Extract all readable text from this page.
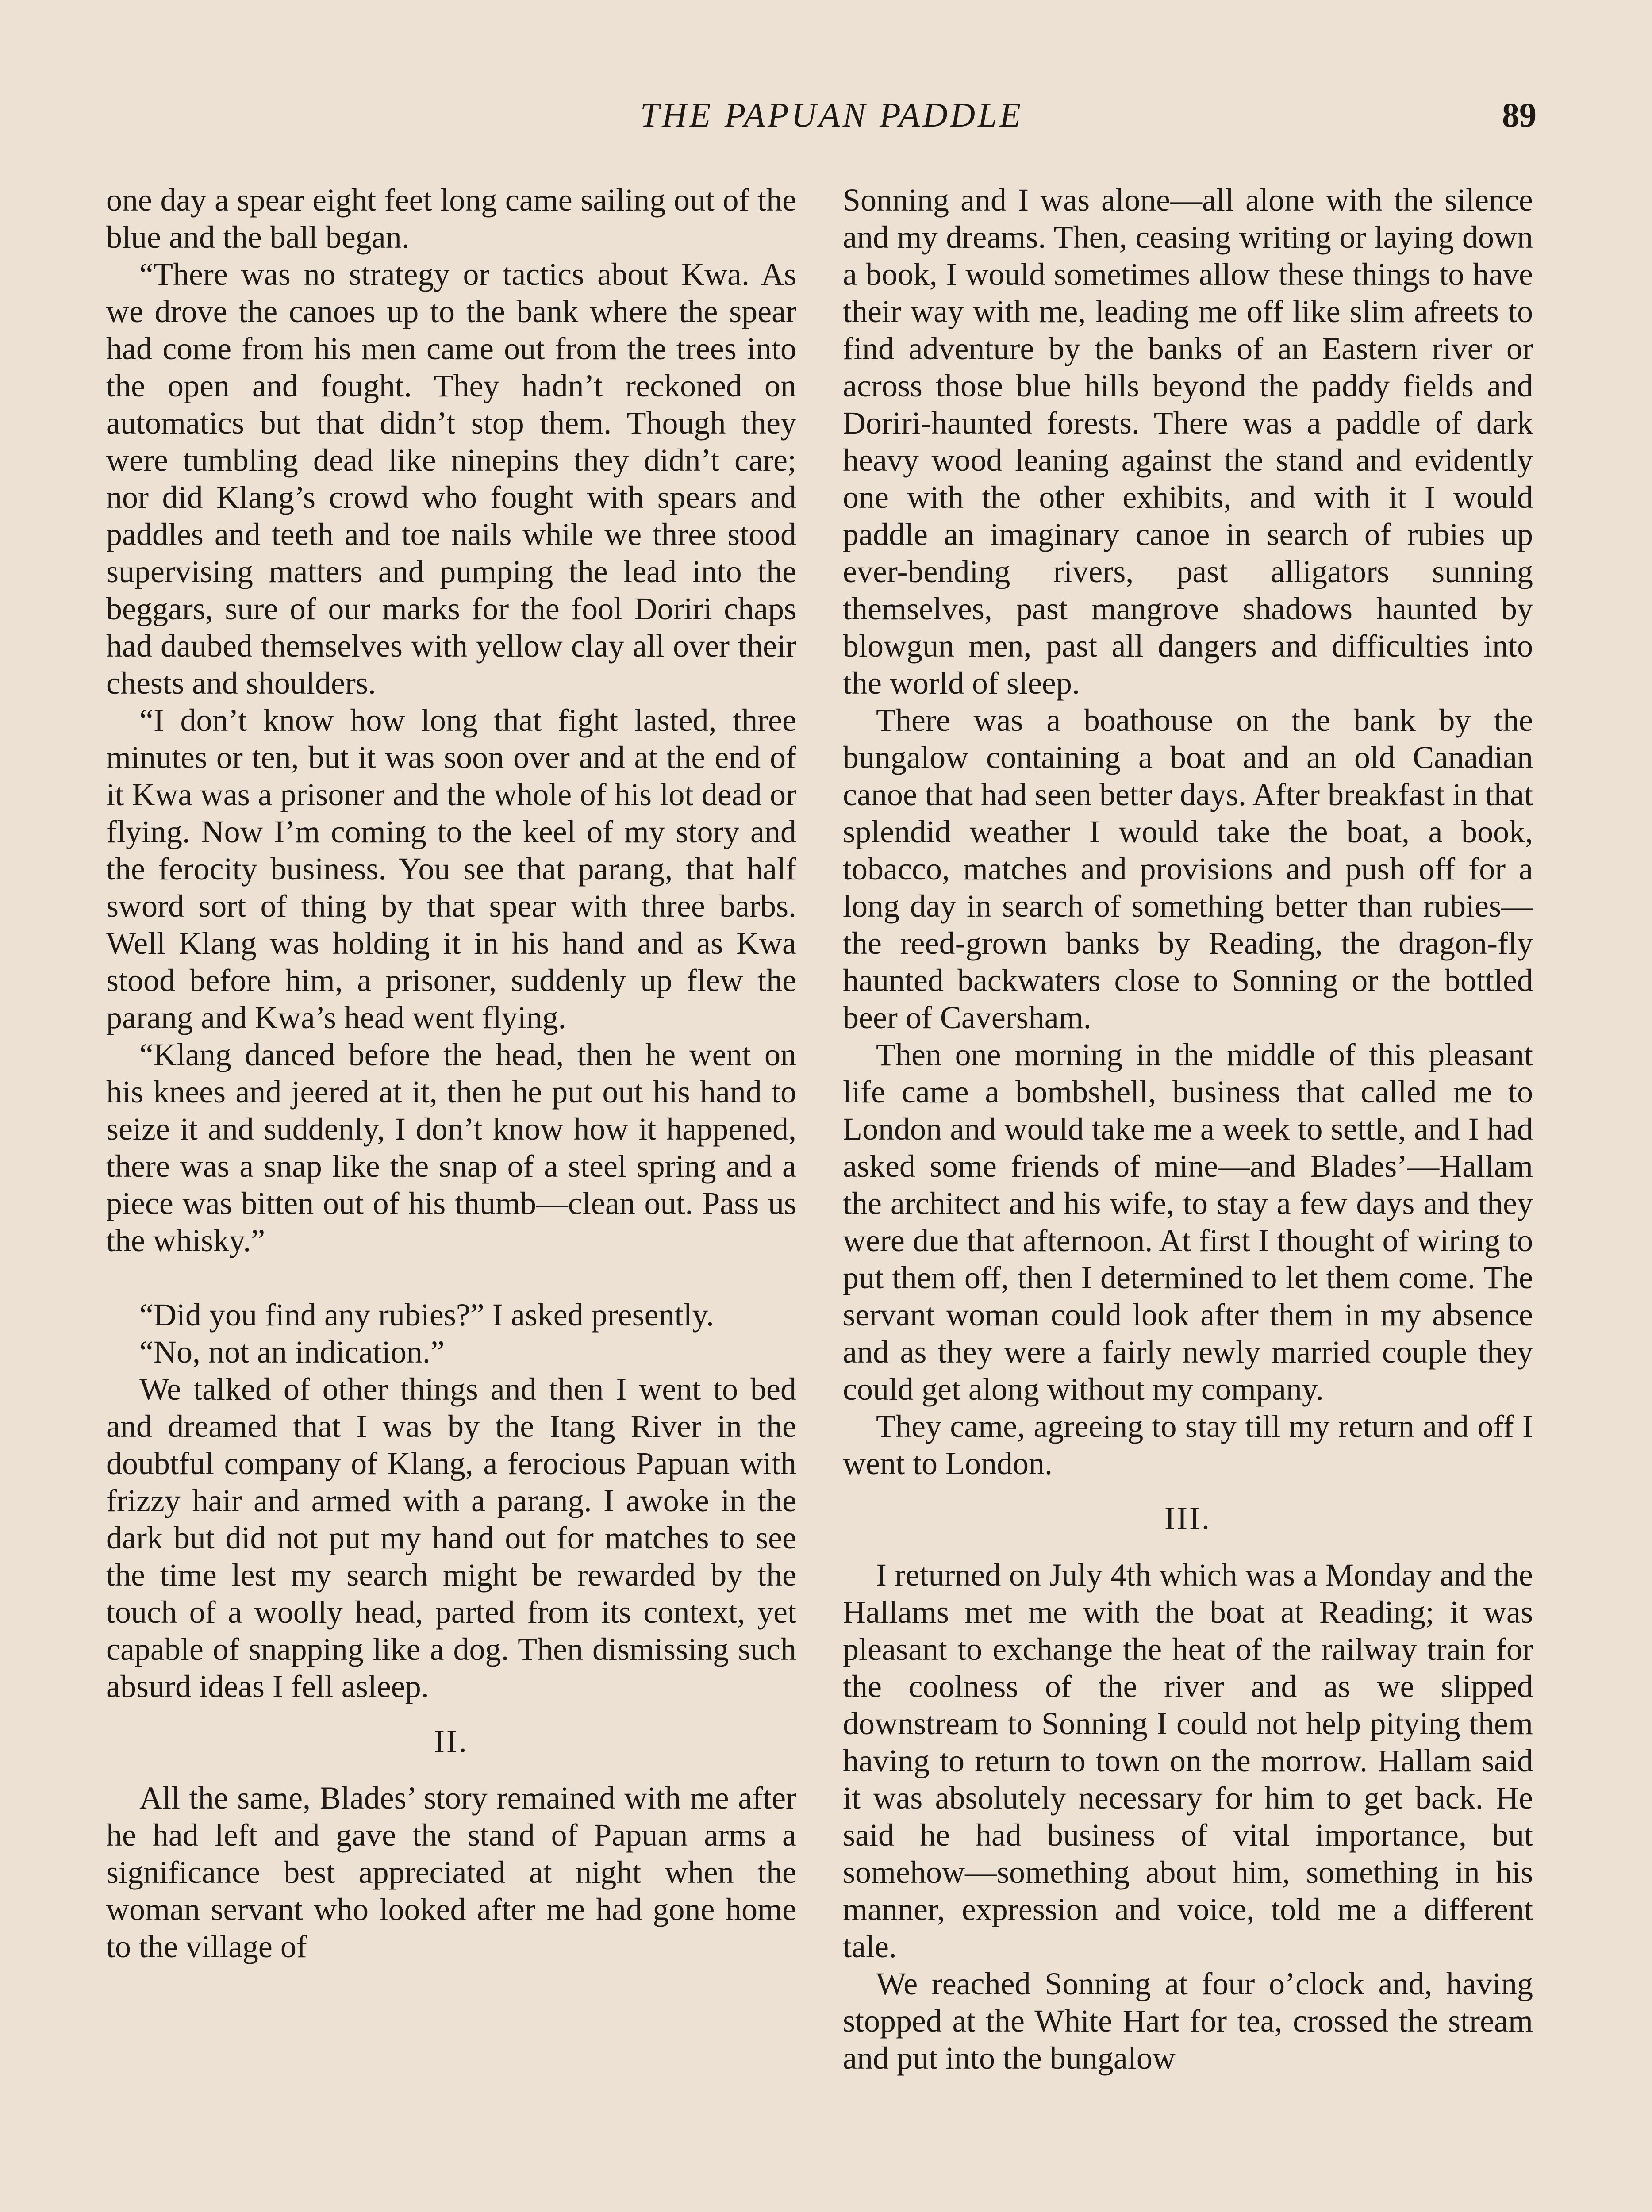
THE PAPUAN PADDLE	89

one day a spear eight feet long came sailing out of the blue and the ball began.

“There was no strategy or tactics about Kwa. As we drove the canoes up to the bank where the spear had come from his men came out from the trees into the open and fought. They hadn’t reckoned on automatics but that didn’t stop them. Though they were tumbling dead like ninepins they didn’t care; nor did Klang’s crowd who fought with spears and paddles and teeth and toe nails while we three stood supervising matters and pumping the lead into the beggars, sure of our marks for the fool Doriri chaps had daubed themselves with yellow clay all over their chests and shoulders.

“I don’t know how long that fight lasted, three minutes or ten, but it was soon over and at the end of it Kwa was a prisoner and the whole of his lot dead or flying. Now I’m coming to the keel of my story and the ferocity business. You see that parang, that half sword sort of thing by that spear with three barbs. Well Klang was holding it in his hand and as Kwa stood before him, a prisoner, suddenly up flew the parang and Kwa’s head went flying.

“Klang danced before the head, then he went on his knees and jeered at it, then he put out his hand to seize it and suddenly, I don’t know how it happened, there was a snap like the snap of a steel spring and a piece was bitten out of his thumb—clean out. Pass us the whisky.”

“Did you find any rubies?” I asked presently.

“No, not an indication.”

We talked of other things and then I went to bed and dreamed that I was by the Itang River in the doubtful company of Klang, a ferocious Papuan with frizzy hair and armed with a parang. I awoke in the dark but did not put my hand out for matches to see the time lest my search might be rewarded by the touch of a woolly head, parted from its context, yet capable of snapping like a dog. Then dismissing such absurd ideas I fell asleep.

II.

All the same, Blades’ story remained with me after he had left and gave the stand of Papuan arms a significance best appreciated at night when the woman servant who looked after me had gone home to the village of

Sonning and I was alone—all alone with the silence and my dreams. Then, ceasing writing or laying down a book, I would sometimes allow these things to have their way with me, leading me off like slim afreets to find adventure by the banks of an Eastern river or across those blue hills beyond the paddy fields and Doriri-haunted forests. There was a paddle of dark heavy wood leaning against the stand and evidently one with the other exhibits, and with it I would paddle an imaginary canoe in search of rubies up ever-bending rivers, past alligators sunning themselves, past mangrove shadows haunted by blowgun men, past all dangers and difficulties into the world of sleep.

There was a boathouse on the bank by the bungalow containing a boat and an old Canadian canoe that had seen better days. After breakfast in that splendid weather I would take the boat, a book, tobacco, matches and provisions and push off for a long day in search of something better than rubies—the reed-grown banks by Reading, the dragon-fly haunted backwaters close to Sonning or the bottled beer of Caversham.

Then one morning in the middle of this pleasant life came a bombshell, business that called me to London and would take me a week to settle, and I had asked some friends of mine—and Blades’—Hallam the architect and his wife, to stay a few days and they were due that afternoon. At first I thought of wiring to put them off, then I determined to let them come. The servant woman could look after them in my absence and as they were a fairly newly married couple they could get along without my company.

They came, agreeing to stay till my return and off I went to London.

III.

I returned on July 4th which was a Monday and the Hallams met me with the boat at Reading; it was pleasant to exchange the heat of the railway train for the coolness of the river and as we slipped downstream to Sonning I could not help pitying them having to return to town on the morrow. Hallam said it was absolutely necessary for him to get back. He said he had business of vital importance, but somehow—something about him, something in his manner, expression and voice, told me a different tale.

We reached Sonning at four o’clock and, having stopped at the White Hart for tea, crossed the stream and put into the bungalow
